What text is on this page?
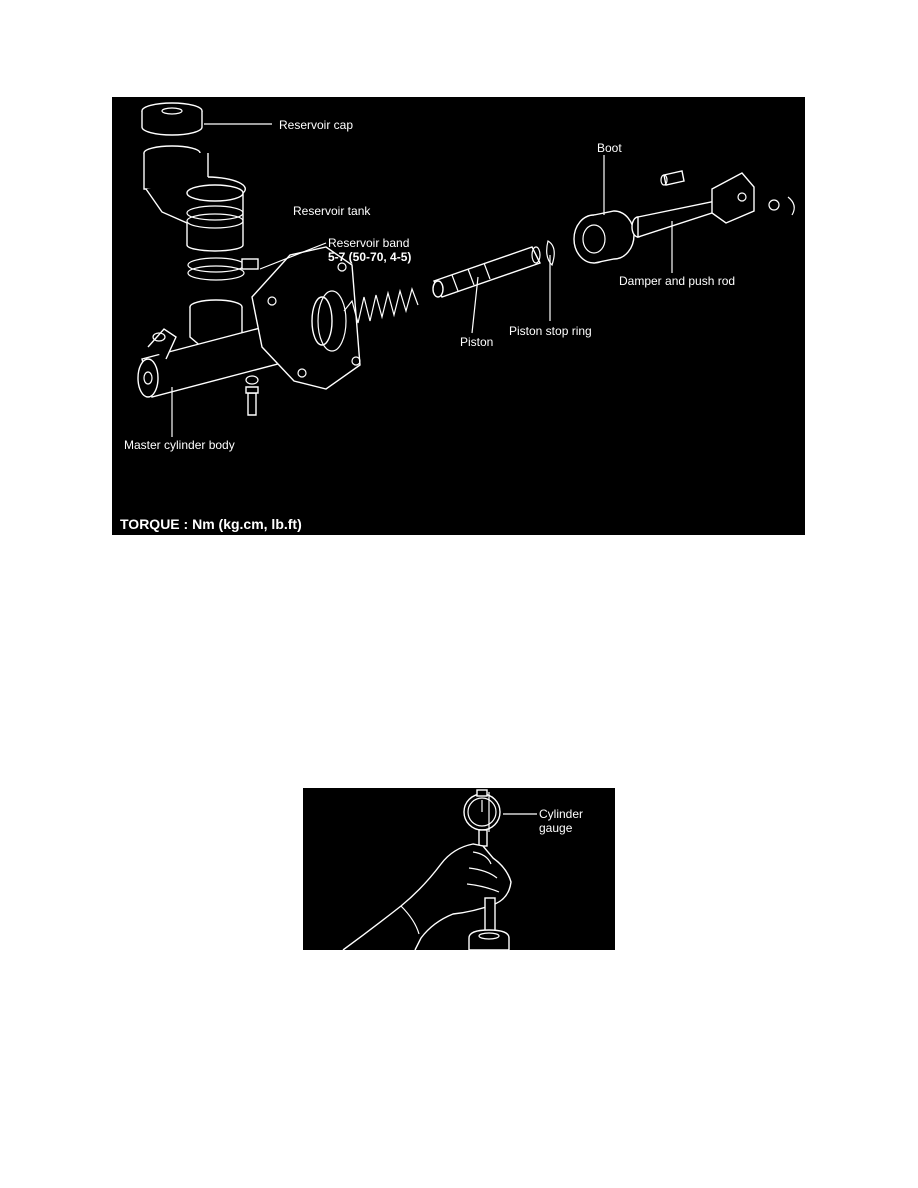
Reservoir cap
Reservoir tank
Reservoir band
5-7 (50-70, 4-5)
Boot
Damper and push rod
Piston
Piston stop ring
Master cylinder body
TORQUE : Nm (kg.cm, lb.ft)
Cylinder
gauge
